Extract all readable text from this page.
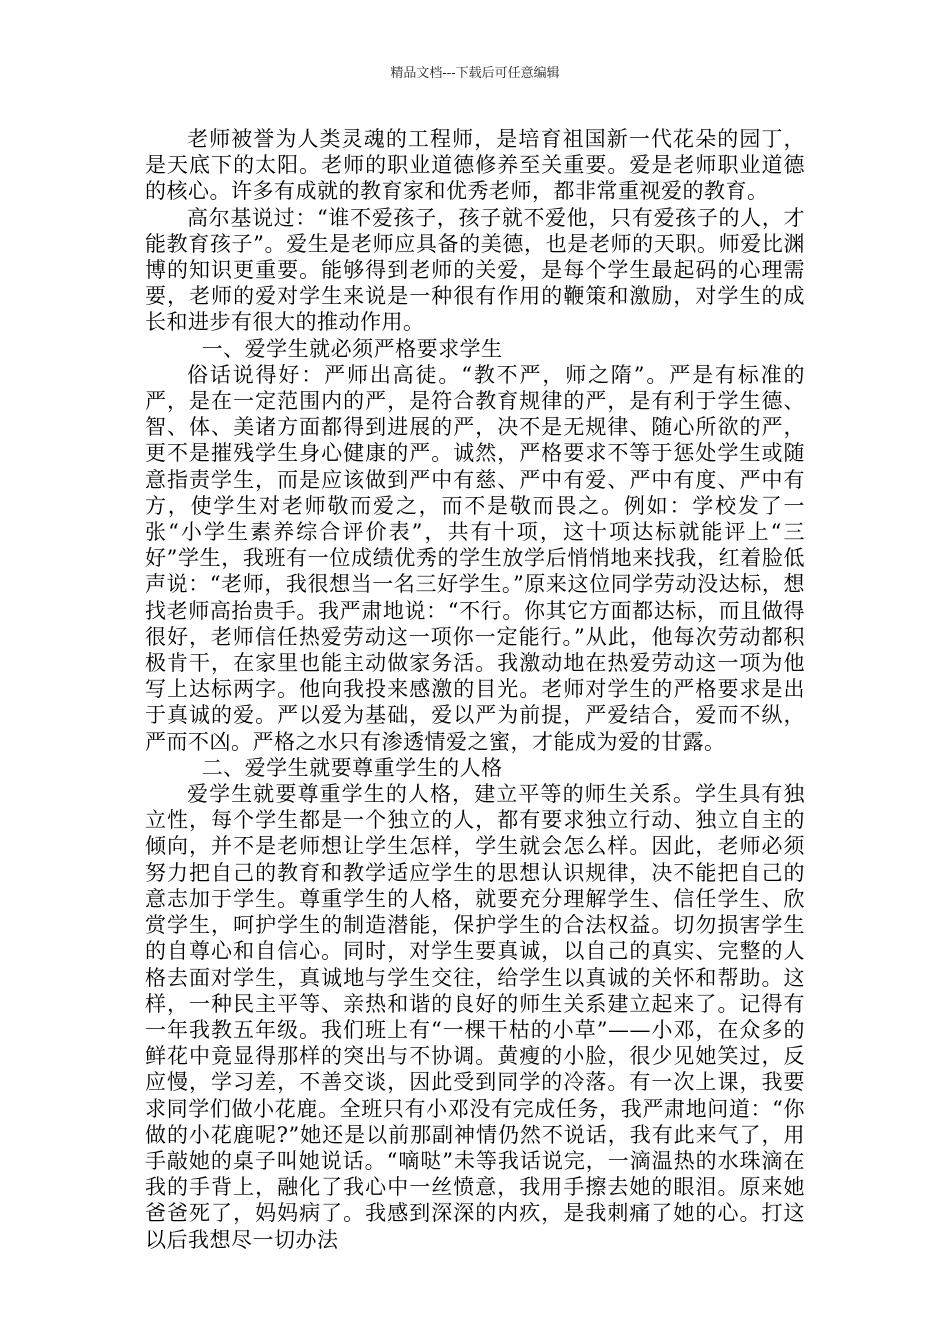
精品文档---下载后可任意编辑

老师被誉为人类灵魂的工程师，是培育祖国新一代花朵的园丁，是天底下的太阳。老师的职业道德修养至关重要。爱是老师职业道德的核心。许多有成就的教育家和优秀老师，都非常重视爱的教育。

高尔基说过：“谁不爱孩子，孩子就不爱他，只有爱孩子的人，才能教育孩子”。爱生是老师应具备的美德，也是老师的天职。师爱比渊博的知识更重要。能够得到老师的关爱，是每个学生最起码的心理需要，老师的爱对学生来说是一种很有作用的鞭策和激励，对学生的成长和进步有很大的推动作用。

一、爱学生就必须严格要求学生

俗话说得好：严师出高徒。“教不严，师之隋”。严是有标准的严，是在一定范围内的严，是符合教育规律的严，是有利于学生德、智、体、美诸方面都得到进展的严，决不是无规律、随心所欲的严，更不是摧残学生身心健康的严。诚然，严格要求不等于惩处学生或随意指责学生，而是应该做到严中有慈、严中有爱、严中有度、严中有方，使学生对老师敬而爱之，而不是敬而畏之。例如：学校发了一张“小学生素养综合评价表”，共有十项，这十项达标就能评上“三好”学生，我班有一位成绩优秀的学生放学后悄悄地来找我，红着脸低声说：“老师，我很想当一名三好学生。”原来这位同学劳动没达标，想找老师高抬贵手。我严肃地说：“不行。你其它方面都达标，而且做得很好，老师信任热爱劳动这一项你一定能行。”从此，他每次劳动都积极肯干，在家里也能主动做家务活。我激动地在热爱劳动这一项为他写上达标两字。他向我投来感激的目光。老师对学生的严格要求是出于真诚的爱。严以爱为基础，爱以严为前提，严爱结合，爱而不纵，严而不凶。严格之水只有渗透情爱之蜜，才能成为爱的甘露。

二、爱学生就要尊重学生的人格

爱学生就要尊重学生的人格，建立平等的师生关系。学生具有独立性，每个学生都是一个独立的人，都有要求独立行动、独立自主的倾向，并不是老师想让学生怎样，学生就会怎么样。因此，老师必须努力把自己的教育和教学适应学生的思想认识规律，决不能把自己的意志加于学生。尊重学生的人格，就要充分理解学生、信任学生、欣赏学生，呵护学生的制造潜能，保护学生的合法权益。切勿损害学生的自尊心和自信心。同时，对学生要真诚，以自己的真实、完整的人格去面对学生，真诚地与学生交往，给学生以真诚的关怀和帮助。这样，一种民主平等、亲热和谐的良好的师生关系建立起来了。记得有一年我教五年级。我们班上有“一棵干枯的小草”——小邓，在众多的鲜花中竟显得那样的突出与不协调。黄瘦的小脸，很少见她笑过，反应慢，学习差，不善交谈，因此受到同学的冷落。有一次上课，我要求同学们做小花鹿。全班只有小邓没有完成任务，我严肃地问道：“你做的小花鹿呢?”她还是以前那副神情仍然不说话，我有此来气了，用手敲她的桌子叫她说话。“嘀哒”未等我话说完，一滴温热的水珠滴在我的手背上，融化了我心中一丝愤意，我用手擦去她的眼泪。原来她爸爸死了，妈妈病了。我感到深深的内疚，是我刺痛了她的心。打这以后我想尽一切办法
